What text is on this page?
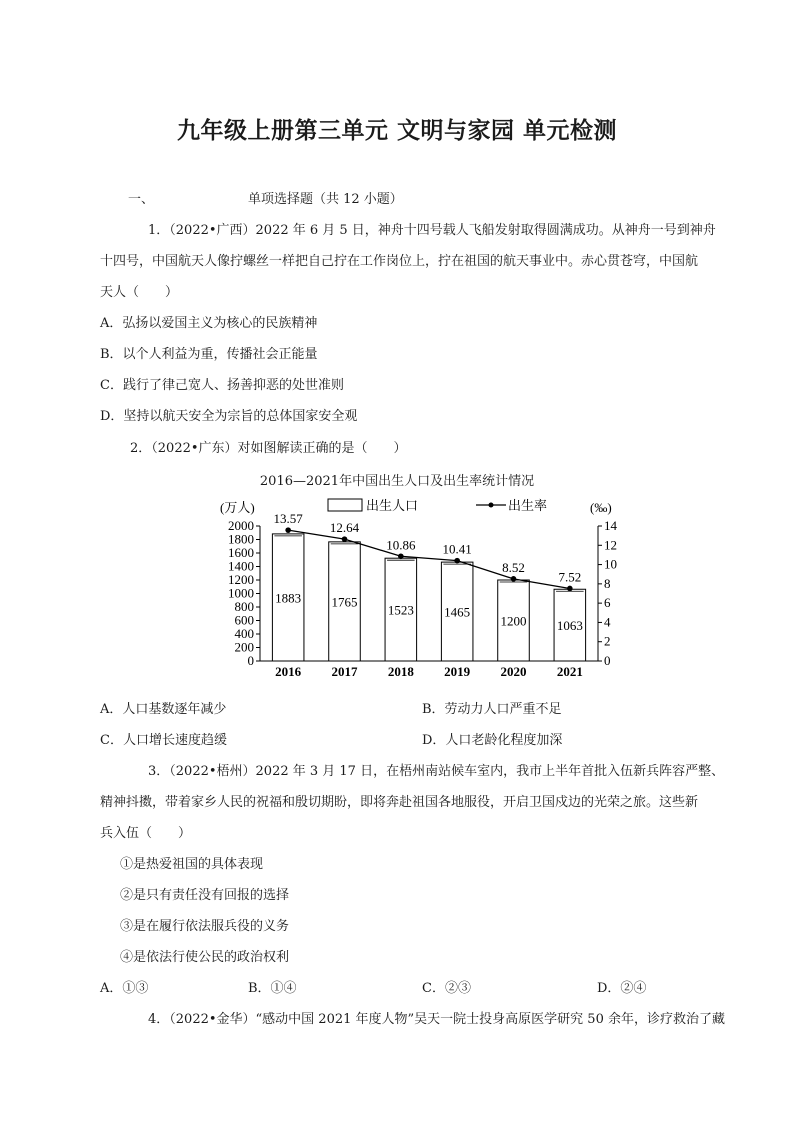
九年级上册第三单元 文明与家园 单元检测
一、	单项选择题（共 12 小题）
1．（2022•广西）2022 年 6 月 5 日，神舟十四号载人飞船发射取得圆满成功。从神舟一号到神舟
十四号，中国航天人像拧螺丝一样把自己拧在工作岗位上，拧在祖国的航天事业中。赤心贯苍穹，中国航
天人（　　）
A．弘扬以爱国主义为核心的民族精神
B．以个人利益为重，传播社会正能量
C．践行了律己宽人、扬善抑恶的处世准则
D．坚持以航天安全为宗旨的总体国家安全观
2．（2022•广东）对如图解读正确的是（　　）
2016—2021年中国出生人口及出生率统计情况
0
200
400
600
800
1000
1200
1400
1600
1800
2000
0
2
4
6
8
10
12
14
(万人)	(‰)
出生人口	出生率
1883
2016
1765
2017
1523
2018
1465
2019
1200
2020
1063
2021
13.57
12.64
10.86 10.41
8.52
7.52
A．人口基数逐年减少	B．劳动力人口严重不足
C．人口增长速度趋缓	D．人口老龄化程度加深
3．（2022•梧州）2022 年 3 月 17 日，在梧州南站候车室内，我市上半年首批入伍新兵阵容严整、
精神抖擞，带着家乡人民的祝福和殷切期盼，即将奔赴祖国各地服役，开启卫国戍边的光荣之旅。这些新
兵入伍（　　）
①是热爱祖国的具体表现
②是只有责任没有回报的选择
③是在履行依法服兵役的义务
④是依法行使公民的政治权利
A．①③	B．①④	C．②③	D．②④
4．（2022•金华）“感动中国 2021 年度人物”吴天一院士投身高原医学研究 50 余年，诊疗救治了藏
